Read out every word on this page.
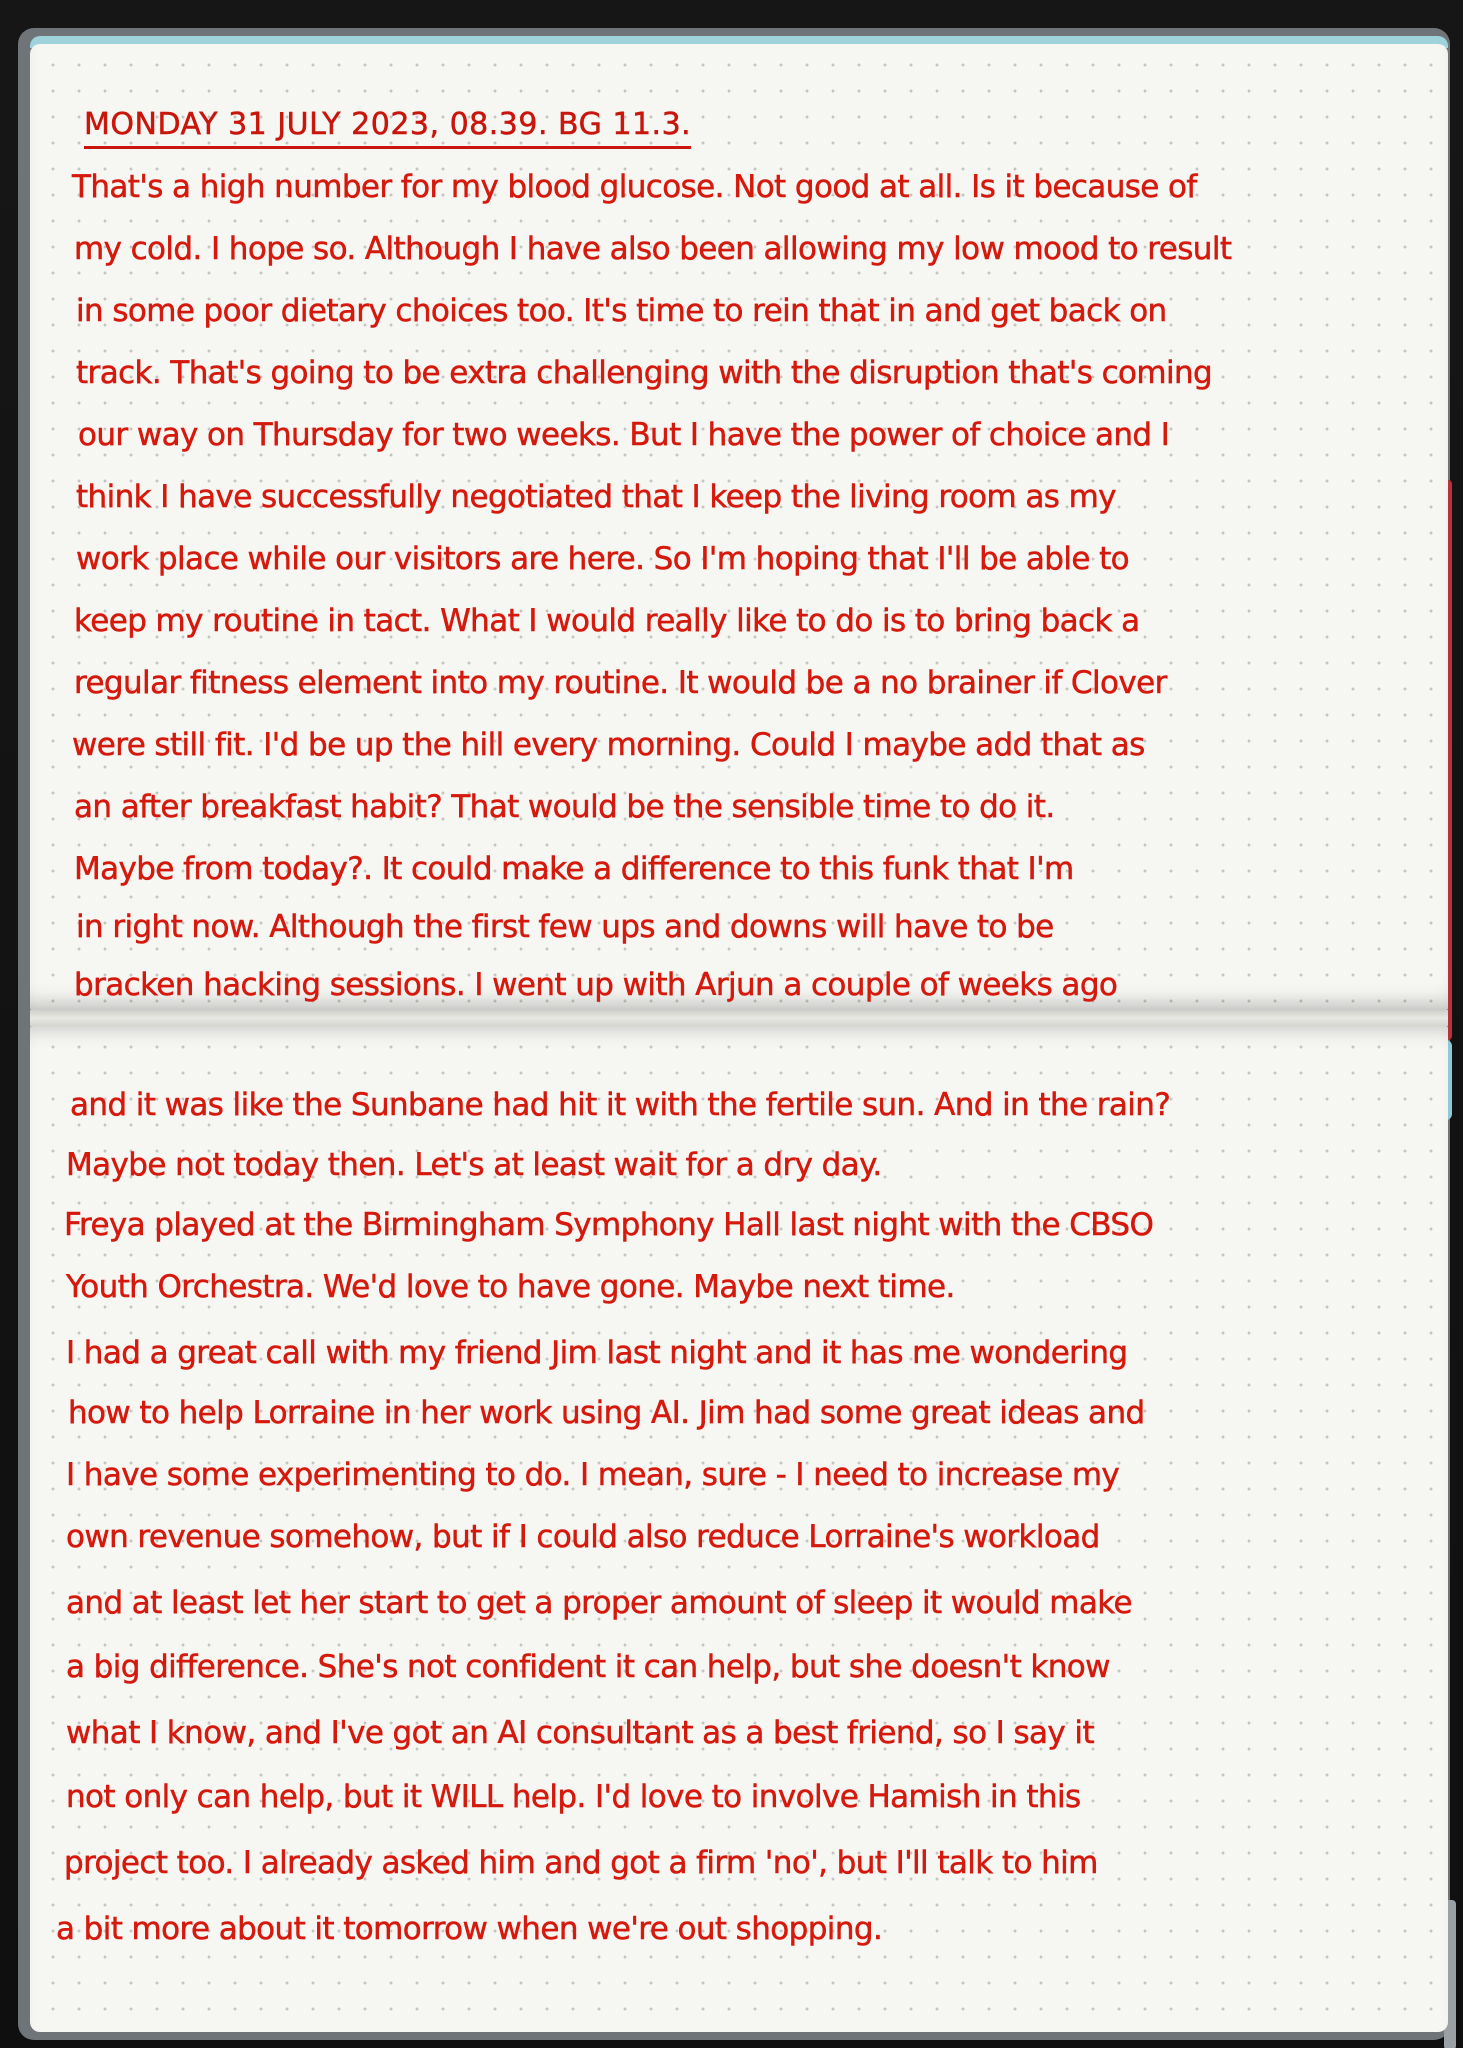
MONDAY 31 JULY 2023, 08.39. BG 11.3.
That's a high number for my blood glucose. Not good at all. Is it because of
my cold. I hope so. Although I have also been allowing my low mood to result
in some poor dietary choices too. It's time to rein that in and get back on
track. That's going to be extra challenging with the disruption that's coming
our way on Thursday for two weeks. But I have the power of choice and I
think I have successfully negotiated that I keep the living room as my
work place while our visitors are here. So I'm hoping that I'll be able to
keep my routine in tact. What I would really like to do is to bring back a
regular fitness element into my routine. It would be a no brainer if Clover
were still fit. I'd be up the hill every morning. Could I maybe add that as
an after breakfast habit? That would be the sensible time to do it.
Maybe from today?. It could make a difference to this funk that I'm
in right now. Although the first few ups and downs will have to be
bracken hacking sessions. I went up with Arjun a couple of weeks ago
and it was like the Sunbane had hit it with the fertile sun. And in the rain?
Maybe not today then. Let's at least wait for a dry day.
Freya played at the Birmingham Symphony Hall last night with the CBSO
Youth Orchestra. We'd love to have gone. Maybe next time.
I had a great call with my friend Jim last night and it has me wondering
how to help Lorraine in her work using AI. Jim had some great ideas and
I have some experimenting to do. I mean, sure - I need to increase my
own revenue somehow, but if I could also reduce Lorraine's workload
and at least let her start to get a proper amount of sleep it would make
a big difference. She's not confident it can help, but she doesn't know
what I know, and I've got an AI consultant as a best friend, so I say it
not only can help, but it WILL help. I'd love to involve Hamish in this
project too. I already asked him and got a firm 'no', but I'll talk to him
a bit more about it tomorrow when we're out shopping.
